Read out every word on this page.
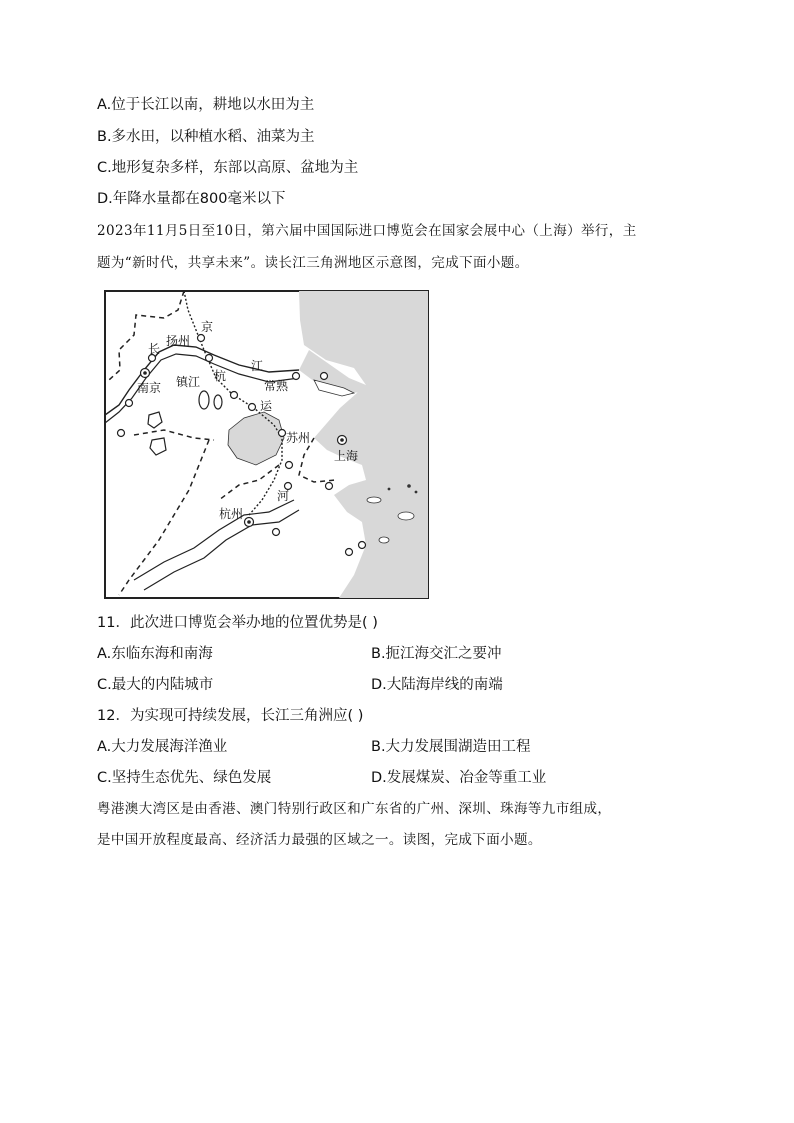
A.位于长江以南，耕地以水田为主
B.多水田，以种植水稻、油菜为主
C.地形复杂多样，东部以高原、盆地为主
D.年降水量都在800毫米以下
2023年11月5日至10日，第六届中国国际进口博览会在国家会展中心（上海）举行，主
题为“新时代，共享未来”。读长江三角洲地区示意图，完成下面小题。
京
扬州
长
南京 镇江 杭
江
常熟
运
苏州
上海
河
杭州
11．此次进口博览会举办地的位置优势是( )
A.东临东海和南海	B.扼江海交汇之要冲
C.最大的内陆城市	D.大陆海岸线的南端
12．为实现可持续发展，长江三角洲应( )
A.大力发展海洋渔业	B.大力发展围湖造田工程
C.坚持生态优先、绿色发展	D.发展煤炭、冶金等重工业
粤港澳大湾区是由香港、澳门特别行政区和广东省的广州、深圳、珠海等九市组成，
是中国开放程度最高、经济活力最强的区域之一。读图，完成下面小题。
